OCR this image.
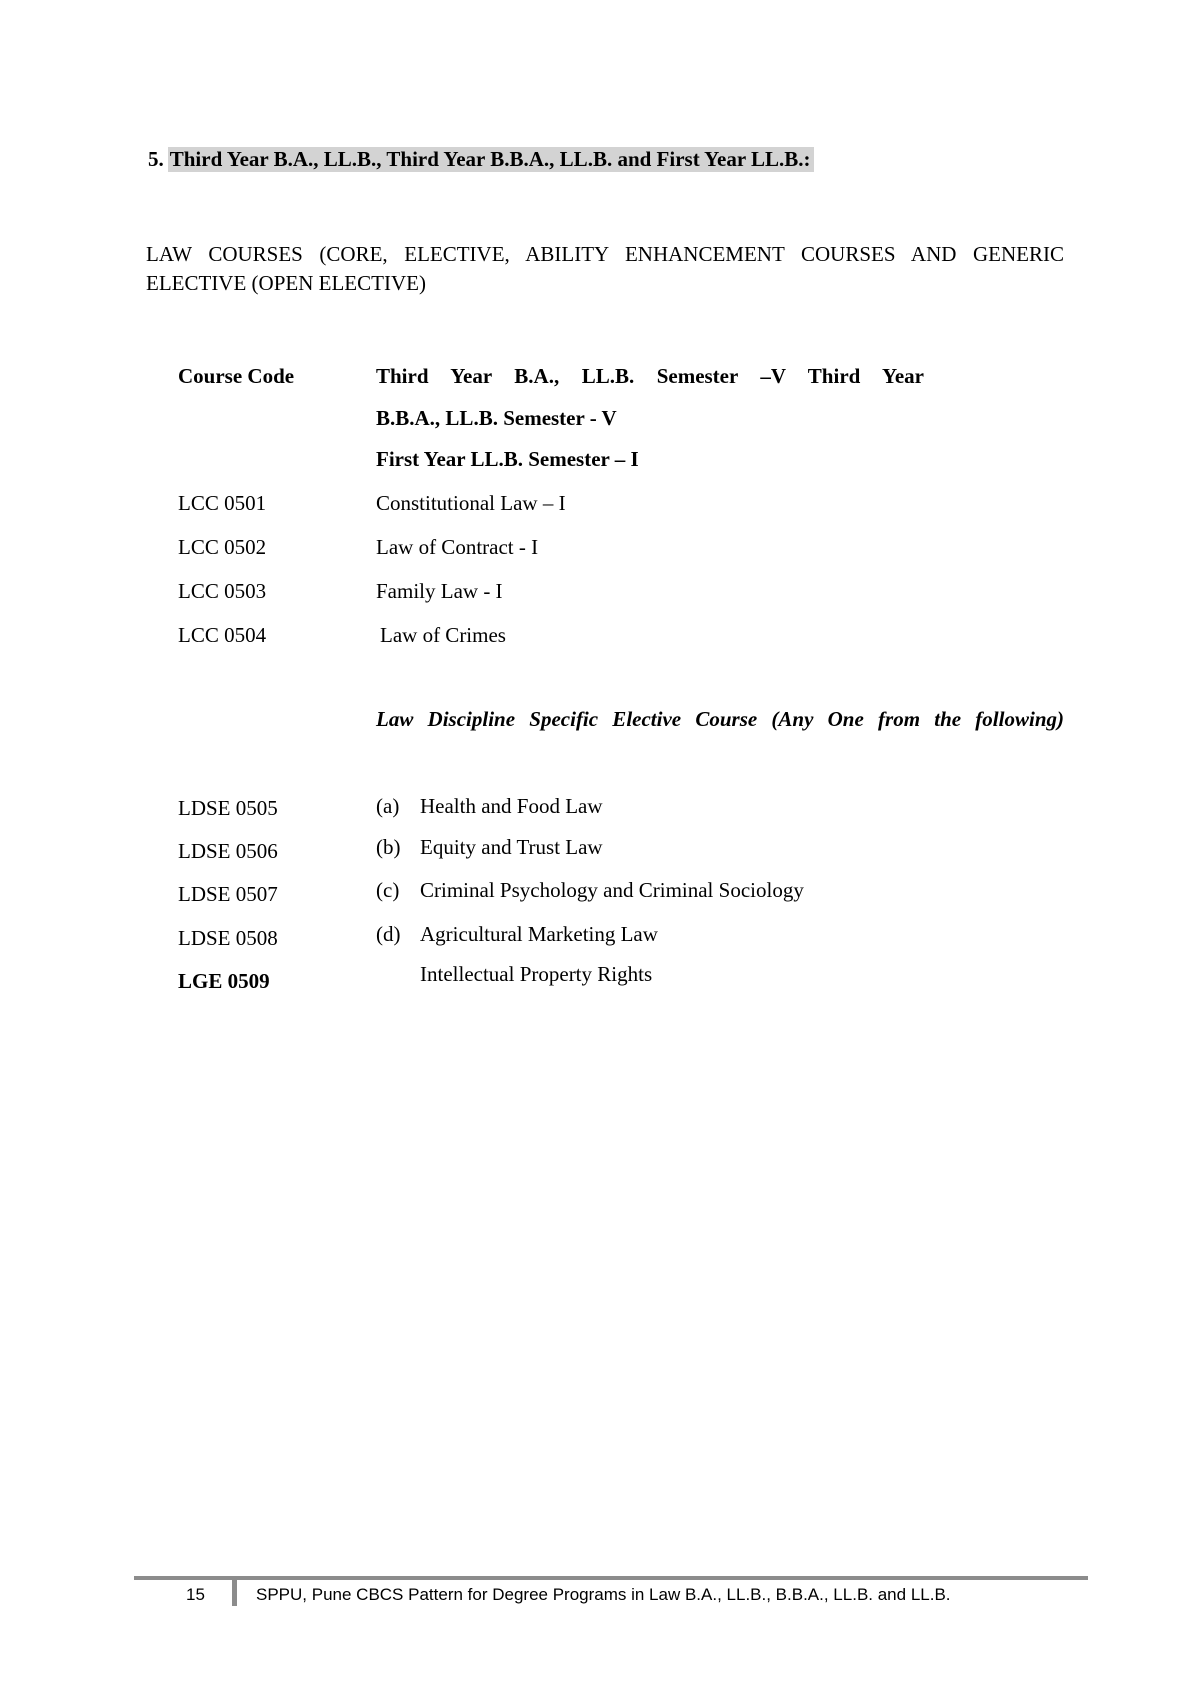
5. Third Year B.A., LL.B., Third Year B.B.A., LL.B. and First Year LL.B.:
LAW COURSES (CORE, ELECTIVE, ABILITY ENHANCEMENT COURSES AND GENERIC ELECTIVE (OPEN ELECTIVE)
Course Code	Third Year B.A., LL.B. Semester –V Third Year
B.B.A., LL.B. Semester - V
First Year LL.B. Semester – I
LCC 0501	Constitutional Law – I
LCC 0502	Law of Contract - I
LCC 0503	Family Law - I
LCC 0504	Law of Crimes
Law Discipline Specific Elective Course (Any One from the following)
LDSE 0505	(a) Health and Food Law
LDSE 0506	(b) Equity and Trust Law
LDSE 0507	(c) Criminal Psychology and Criminal Sociology
LDSE 0508	(d) Agricultural Marketing Law
LGE 0509	Intellectual Property Rights
15	SPPU, Pune CBCS Pattern for Degree Programs in Law B.A., LL.B., B.B.A., LL.B. and LL.B.
